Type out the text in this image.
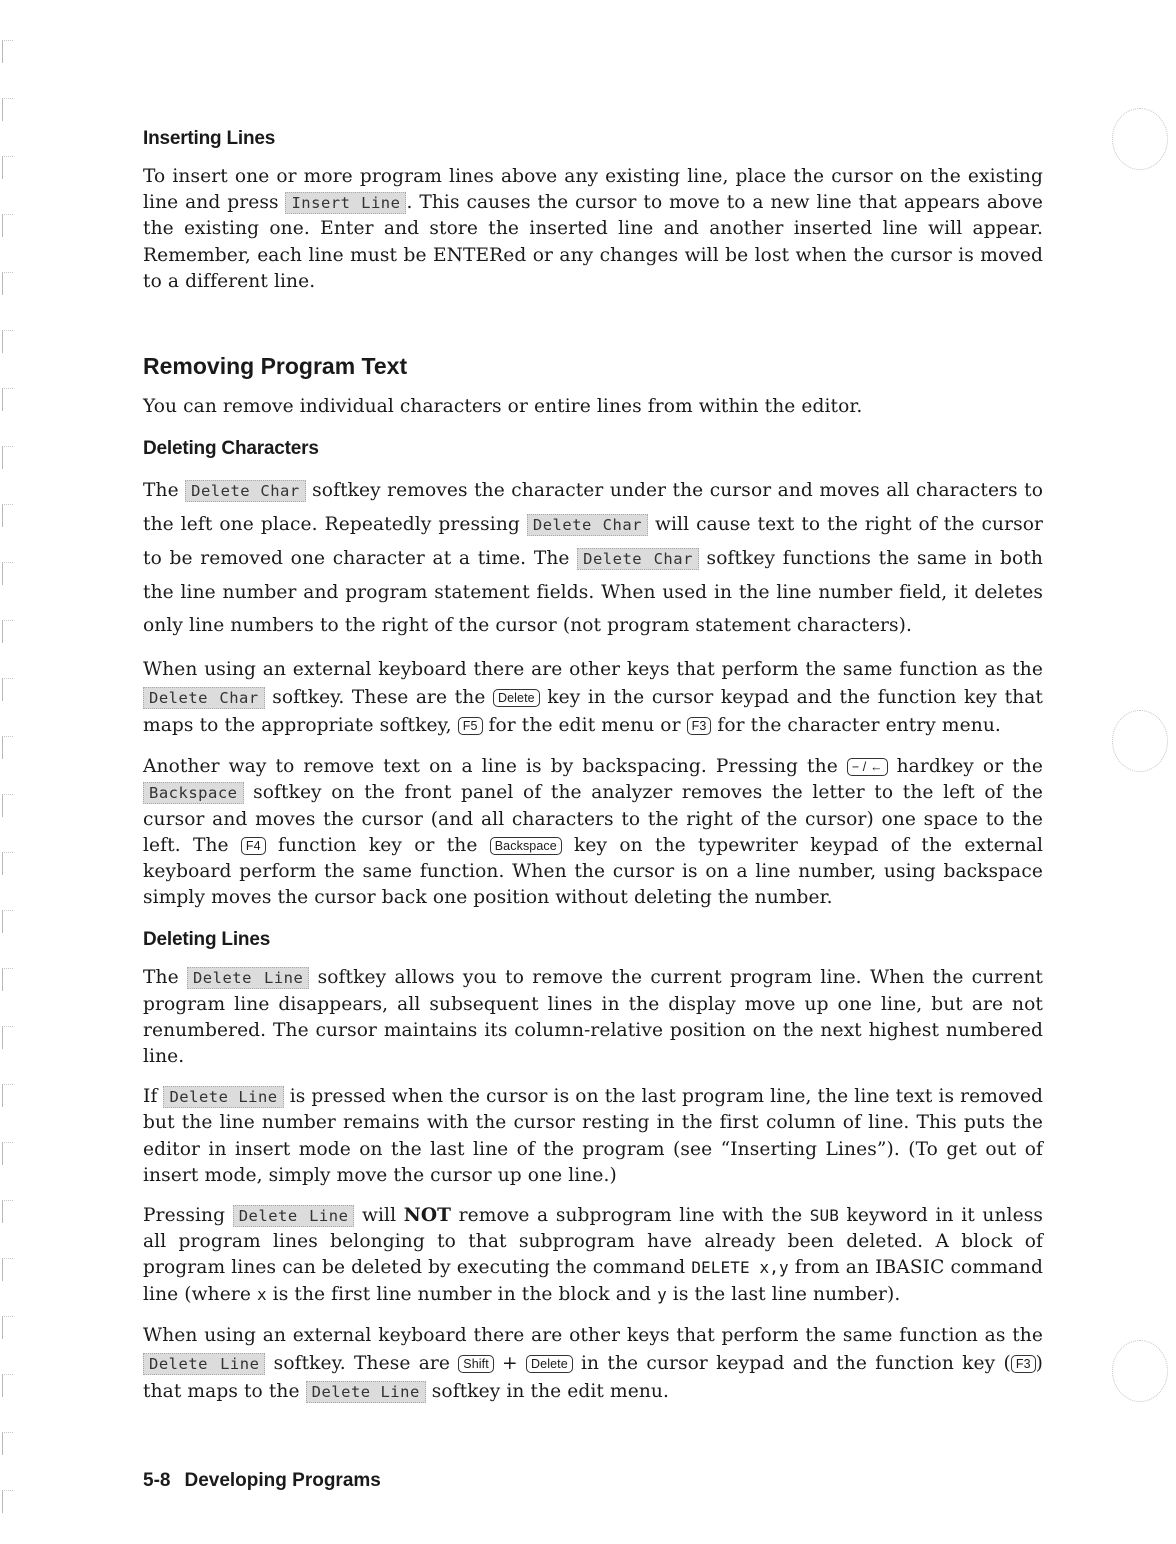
Inserting Lines

To insert one or more program lines above any existing line, place the cursor on the existing line and press Insert Line . This causes the cursor to move to a new line that appears above the existing one. Enter and store the inserted line and another inserted line will appear. Remember, each line must be ENTERed or any changes will be lost when the cursor is moved to a different line.

Removing Program Text

You can remove individual characters or entire lines from within the editor.

Deleting Characters

The Delete Char softkey removes the character under the cursor and moves all characters to the left one place. Repeatedly pressing Delete Char will cause text to the right of the cursor to be removed one character at a time. The Delete Char softkey functions the same in both the line number and program statement fields. When used in the line number field, it deletes only line numbers to the right of the cursor (not program statement characters).

When using an external keyboard there are other keys that perform the same function as the Delete Char softkey. These are the Delete key in the cursor keypad and the function key that maps to the appropriate softkey, F5 for the edit menu or F3 for the character entry menu.

Another way to remove text on a line is by backspacing. Pressing the − / ← hardkey or the Backspace softkey on the front panel of the analyzer removes the letter to the left of the cursor and moves the cursor (and all characters to the right of the cursor) one space to the left. The F4 function key or the Backspace key on the typewriter keypad of the external keyboard perform the same function. When the cursor is on a line number, using backspace simply moves the cursor back one position without deleting the number.

Deleting Lines

The Delete Line softkey allows you to remove the current program line. When the current program line disappears, all subsequent lines in the display move up one line, but are not renumbered. The cursor maintains its column-relative position on the next highest numbered line.

If Delete Line is pressed when the cursor is on the last program line, the line text is removed but the line number remains with the cursor resting in the first column of line. This puts the editor in insert mode on the last line of the program (see “Inserting Lines”). (To get out of insert mode, simply move the cursor up one line.)

Pressing Delete Line will NOT remove a subprogram line with the SUB keyword in it unless all program lines belonging to that subprogram have already been deleted. A block of program lines can be deleted by executing the command DELETE x,y from an IBASIC command line (where x is the first line number in the block and y is the last line number).

When using an external keyboard there are other keys that perform the same function as the Delete Line softkey. These are Shift + Delete in the cursor keypad and the function key ( F3 ) that maps to the Delete Line softkey in the edit menu.

5-8 Developing Programs
